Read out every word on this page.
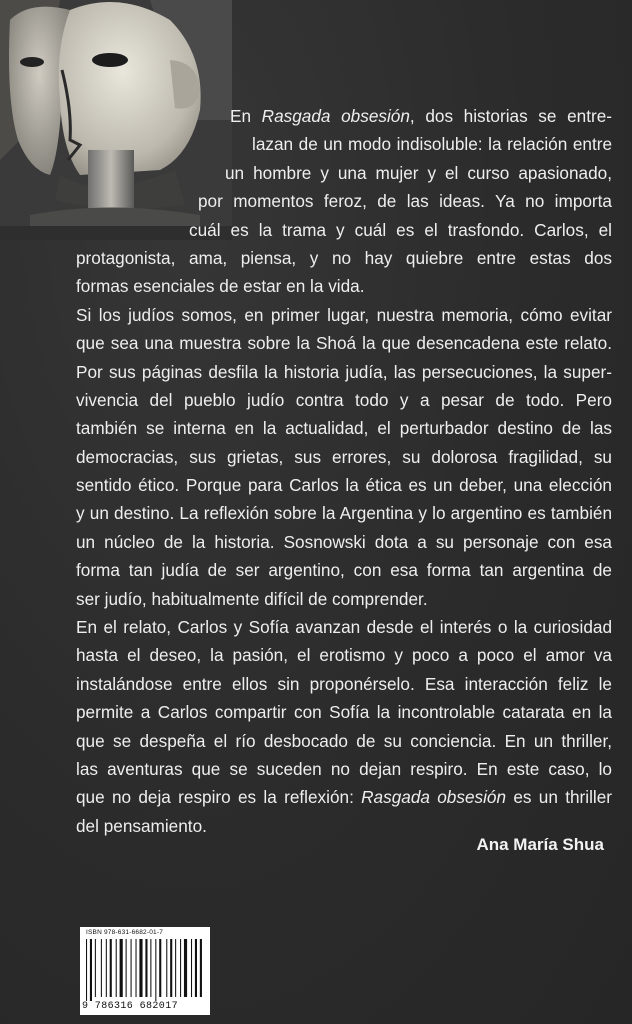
En Rasgada obsesión, dos historias se entre-
lazan de un modo indisoluble: la relación entre
un hombre y una mujer y el curso apasionado,
por momentos feroz, de las ideas. Ya no importa
cuál es la trama y cuál es el trasfondo. Carlos, el
protagonista, ama, piensa, y no hay quiebre entre estas dos
formas esenciales de estar en la vida.
Si los judíos somos, en primer lugar, nuestra memoria, cómo evitar
que sea una muestra sobre la Shoá la que desencadena este relato.
Por sus páginas desfila la historia judía, las persecuciones, la super-
vivencia del pueblo judío contra todo y a pesar de todo. Pero
también se interna en la actualidad, el perturbador destino de las
democracias, sus grietas, sus errores, su dolorosa fragilidad, su
sentido ético. Porque para Carlos la ética es un deber, una elección
y un destino. La reflexión sobre la Argentina y lo argentino es también
un núcleo de la historia. Sosnowski dota a su personaje con esa
forma tan judía de ser argentino, con esa forma tan argentina de
ser judío, habitualmente difícil de comprender.
En el relato, Carlos y Sofía avanzan desde el interés o la curiosidad
hasta el deseo, la pasión, el erotismo y poco a poco el amor va
instalándose entre ellos sin proponérselo. Esa interacción feliz le
permite a Carlos compartir con Sofía la incontrolable catarata en la
que se despeña el río desbocado de su conciencia. En un thriller,
las aventuras que se suceden no dejan respiro. En este caso, lo
que no deja respiro es la reflexión: Rasgada obsesión es un thriller
del pensamiento.
Ana María Shua
ISBN 978-631-6682-01-7
9 786316 682017
